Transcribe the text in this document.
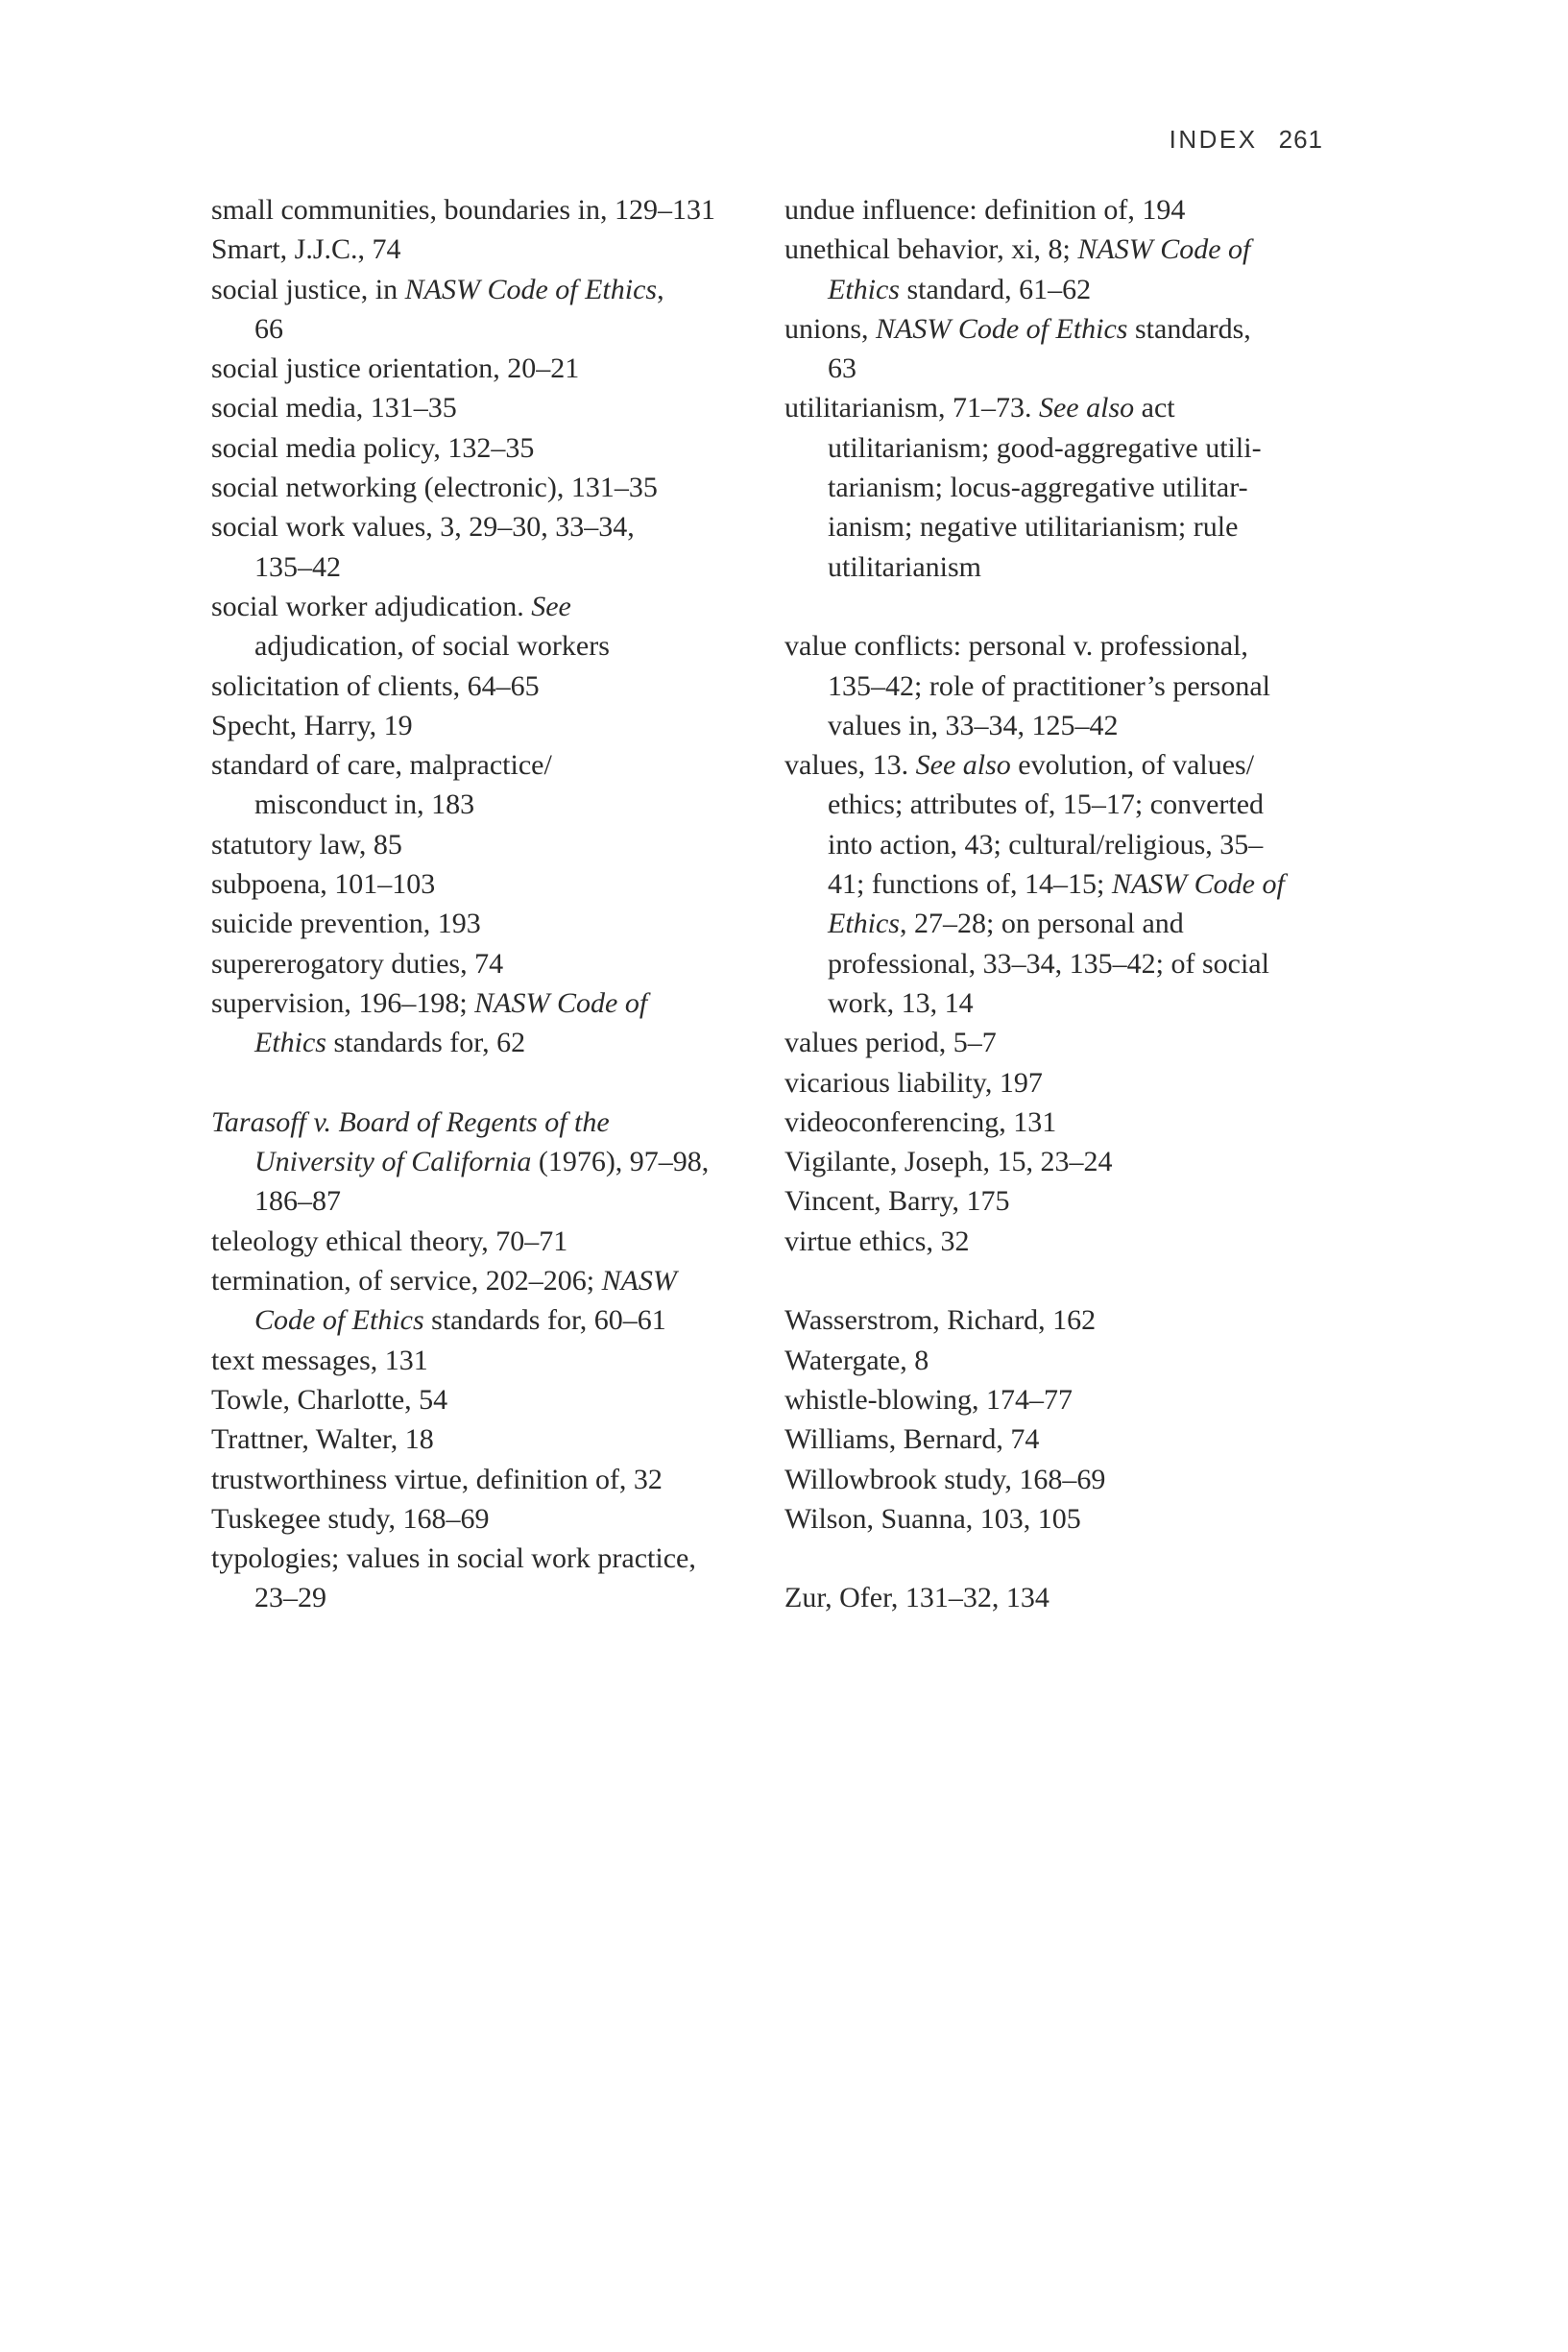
INDEX 261
small communities, boundaries in, 129–131
Smart, J.J.C., 74
social justice, in NASW Code of Ethics,
66
social justice orientation, 20–21
social media, 131–35
social media policy, 132–35
social networking (electronic), 131–35
social work values, 3, 29–30, 33–34,
135–42
social worker adjudication. See
adjudication, of social workers
solicitation of clients, 64–65
Specht, Harry, 19
standard of care, malpractice/
misconduct in, 183
statutory law, 85
subpoena, 101–103
suicide prevention, 193
supererogatory duties, 74
supervision, 196–198; NASW Code of
Ethics standards for, 62
Tarasoff v. Board of Regents of the
University of California (1976), 97–98,
186–87
teleology ethical theory, 70–71
termination, of service, 202–206; NASW
Code of Ethics standards for, 60–61
text messages, 131
Towle, Charlotte, 54
Trattner, Walter, 18
trustworthiness virtue, definition of, 32
Tuskegee study, 168–69
typologies; values in social work practice,
23–29
undue influence: definition of, 194
unethical behavior, xi, 8; NASW Code of
Ethics standard, 61–62
unions, NASW Code of Ethics standards,
63
utilitarianism, 71–73. See also act
utilitarianism; good-aggregative utili-
tarianism; locus-aggregative utilitar-
ianism; negative utilitarianism; rule
utilitarianism
value conflicts: personal v. professional,
135–42; role of practitioner’s personal
values in, 33–34, 125–42
values, 13. See also evolution, of values/
ethics; attributes of, 15–17; converted
into action, 43; cultural/religious, 35–
41; functions of, 14–15; NASW Code of
Ethics, 27–28; on personal and
professional, 33–34, 135–42; of social
work, 13, 14
values period, 5–7
vicarious liability, 197
videoconferencing, 131
Vigilante, Joseph, 15, 23–24
Vincent, Barry, 175
virtue ethics, 32
Wasserstrom, Richard, 162
Watergate, 8
whistle-blowing, 174–77
Williams, Bernard, 74
Willowbrook study, 168–69
Wilson, Suanna, 103, 105
Zur, Ofer, 131–32, 134
